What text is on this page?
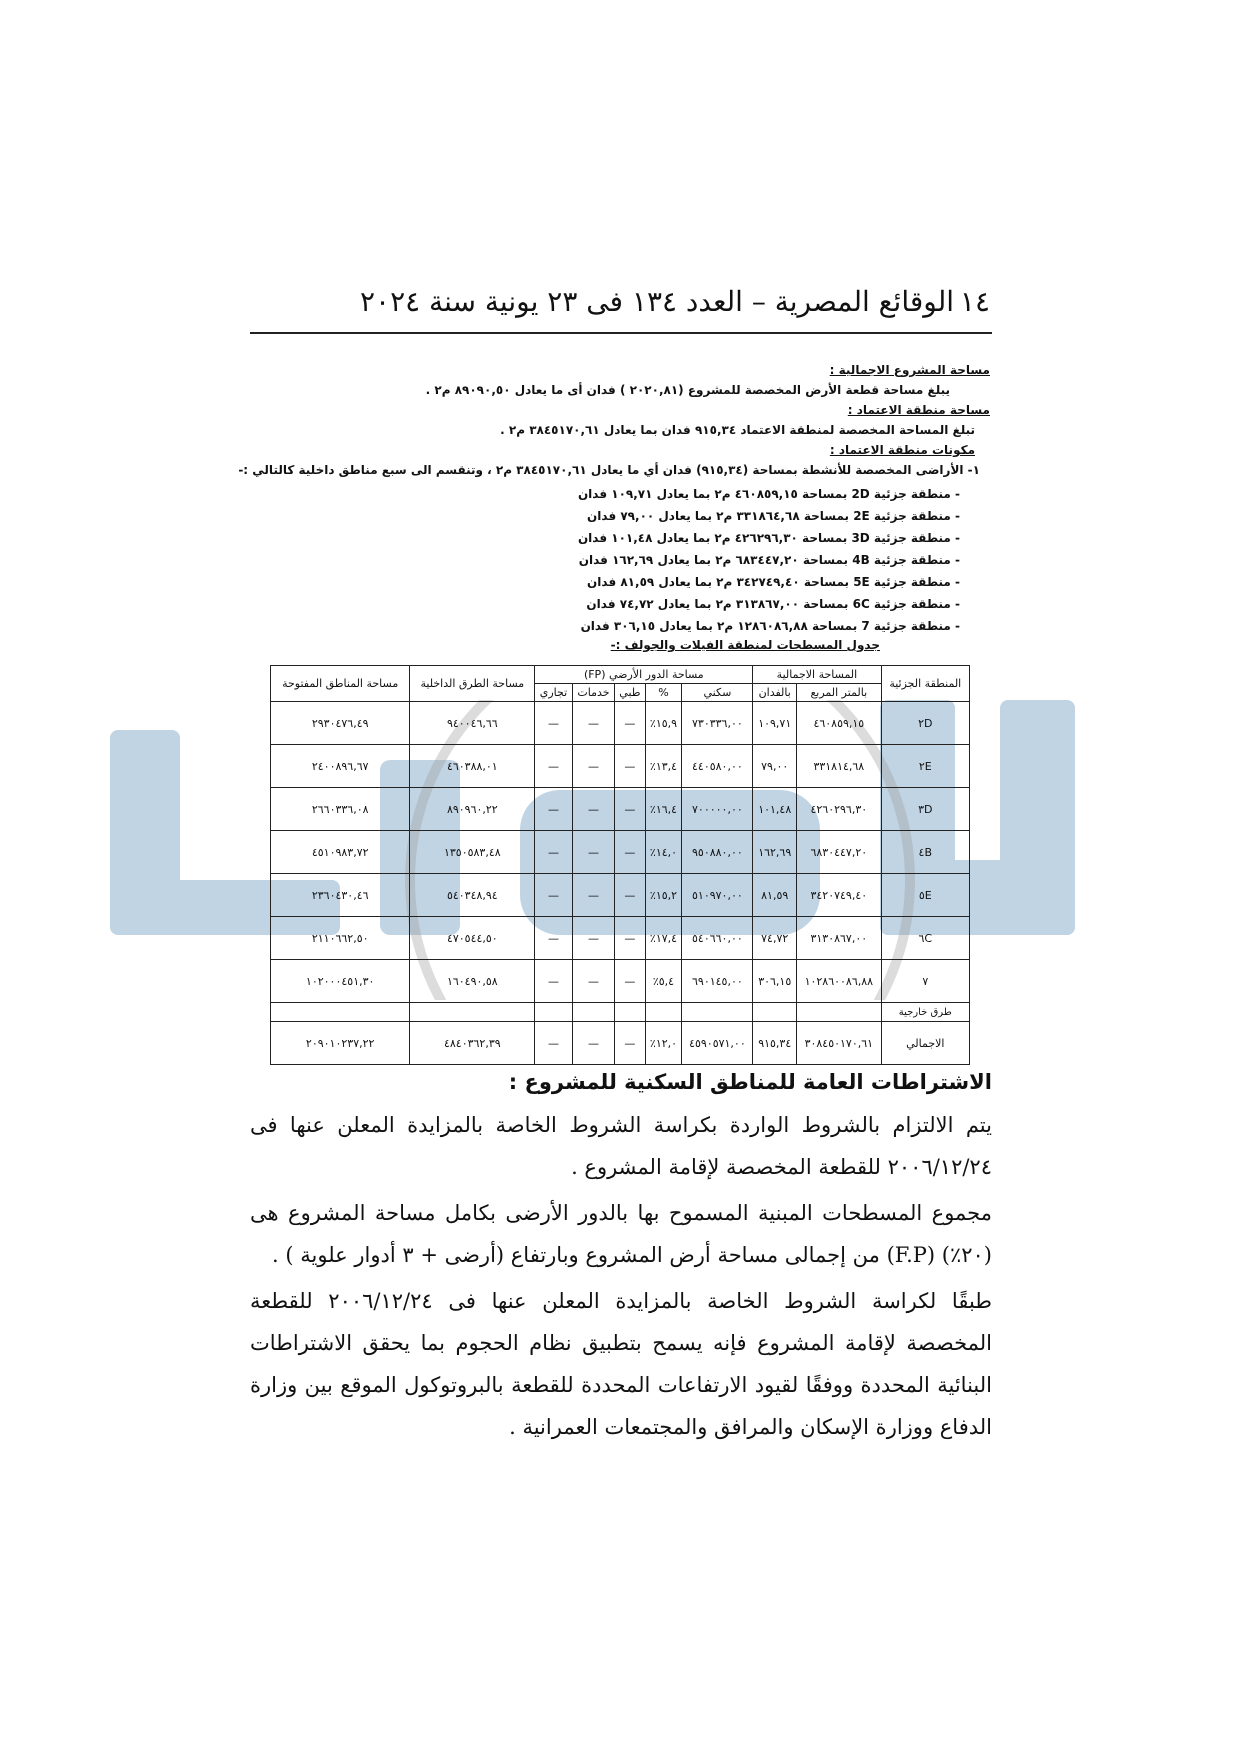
١٤
الوقائع المصرية – العدد ١٣٤ فى ٢٣ يونية سنة ٢٠٢٤
مساحة المشروع الاجمالية :
يبلغ مساحة قطعة الأرض المخصصة للمشروع (٢٠٢٠,٨١ ) فدان أى ما يعادل ٨٩٠٩٠,٥٠ م٢ .
مساحة منطقة الاعتماد :
تبلغ المساحة المخصصة لمنطقة الاعتماد ٩١٥,٣٤ فدان بما يعادل ٣٨٤٥١٧٠,٦١ م٢ .
مكونات منطقة الاعتماد :
١- الأراضى المخصصة للأنشطة بمساحة (٩١٥,٣٤) فدان أي ما يعادل ٣٨٤٥١٧٠,٦١ م٢ ، وتنقسم الى سبع مناطق داخلية كالتالي :-
- منطقة جزئية 2D بمساحة ٤٦٠٨٥٩,١٥ م٢ بما يعادل ١٠٩,٧١ فدان
- منطقة جزئية 2E بمساحة ٣٣١٨٦٤,٦٨ م٢ بما يعادل ٧٩,٠٠ فدان
- منطقة جزئية 3D بمساحة ٤٢٦٢٩٦,٣٠ م٢ بما يعادل ١٠١,٤٨ فدان
- منطقة جزئية 4B بمساحة ٦٨٣٤٤٧,٢٠ م٢ بما يعادل ١٦٢,٦٩ فدان
- منطقة جزئية 5E بمساحة ٣٤٢٧٤٩,٤٠ م٢ بما يعادل ٨١,٥٩ فدان
- منطقة جزئية 6C بمساحة ٣١٣٨٦٧,٠٠ م٢ بما يعادل ٧٤,٧٢ فدان
- منطقة جزئية 7 بمساحة ١٢٨٦٠٨٦,٨٨ م٢ بما يعادل ٣٠٦,١٥ فدان
جدول المسطحات لمنطقة الفيلات والجولف :-
المنطقة الجزئية	المساحة الاجمالية		مساحة الدور الأرضي (FP)					مساحة الطرق الداخلية	مساحة المناطق المفتوحة
	بالمتر المربع	بالفدان	سكني	%	طبي	خدمات	تجاري		
٢D	٤٦٠٨٥٩,١٥	١٠٩,٧١	٧٣٠٣٣٦,٠٠	١٥,٩٪	—	—	—	٩٤٠٠٤٦,٦٦	٢٩٣٠٤٧٦,٤٩
٢E	٣٣١٨١٤,٦٨	٧٩,٠٠	٤٤٠٥٨٠,٠٠	١٣,٤٪	—	—	—	٤٦٠٣٨٨,٠١	٢٤٠٠٨٩٦,٦٧
٣D	٤٢٦٠٢٩٦,٣٠	١٠١,٤٨	٧٠٠٠٠٠,٠٠	١٦,٤٪	—	—	—	٨٩٠٩٦٠,٢٢	٢٦٦٠٣٣٦,٠٨
٤B	٦٨٣٠٤٤٧,٢٠	١٦٢,٦٩	٩٥٠٨٨٠,٠٠	١٤,٠٪	—	—	—	١٣٥٠٥٨٣,٤٨	٤٥١٠٩٨٣,٧٢
٥E	٣٤٢٠٧٤٩,٤٠	٨١,٥٩	٥١٠٩٧٠,٠٠	١٥,٢٪	—	—	—	٥٤٠٣٤٨,٩٤	٢٣٦٠٤٣٠,٤٦
٦C	٣١٣٠٨٦٧,٠٠	٧٤,٧٢	٥٤٠٦٦٠,٠٠	١٧,٤٪	—	—	—	٤٧٠٥٤٤,٥٠	٢١١٠٦٦٢,٥٠
٧	١٠٢٨٦٠٠٨٦,٨٨	٣٠٦,١٥	٦٩٠١٤٥,٠٠	٥,٤٪	—	—	—	١٦٠٤٩٠,٥٨	١٠٢٠٠٠٤٥١,٣٠
طرق خارجية									
الاجمالي	٣٠٨٤٥٠١٧٠,٦١	٩١٥,٣٤	٤٥٩٠٥٧١,٠٠	١٢,٠٪	—	—	—	٤٨٤٠٣٦٢,٣٩	٢٠٩٠١٠٢٣٧,٢٢
الاشتراطات العامة للمناطق السكنية للمشروع :

يتم الالتزام بالشروط الواردة بكراسة الشروط الخاصة بالمزايدة المعلن عنها فى ٢٠٠٦/١٢/٢٤ للقطعة المخصصة لإقامة المشروع .

مجموع المسطحات المبنية المسموح بها بالدور الأرضى بكامل مساحة المشروع هى (٢٠٪) (F.P) من إجمالى مساحة أرض المشروع وبارتفاع (أرضى + ٣ أدوار علوية ) .

طبقًا لكراسة الشروط الخاصة بالمزايدة المعلن عنها فى ٢٠٠٦/١٢/٢٤ للقطعة المخصصة لإقامة المشروع فإنه يسمح بتطبيق نظام الحجوم بما يحقق الاشتراطات البنائية المحددة ووفقًا لقيود الارتفاعات المحددة للقطعة بالبروتوكول الموقع بين وزارة الدفاع ووزارة الإسكان والمرافق والمجتمعات العمرانية .
